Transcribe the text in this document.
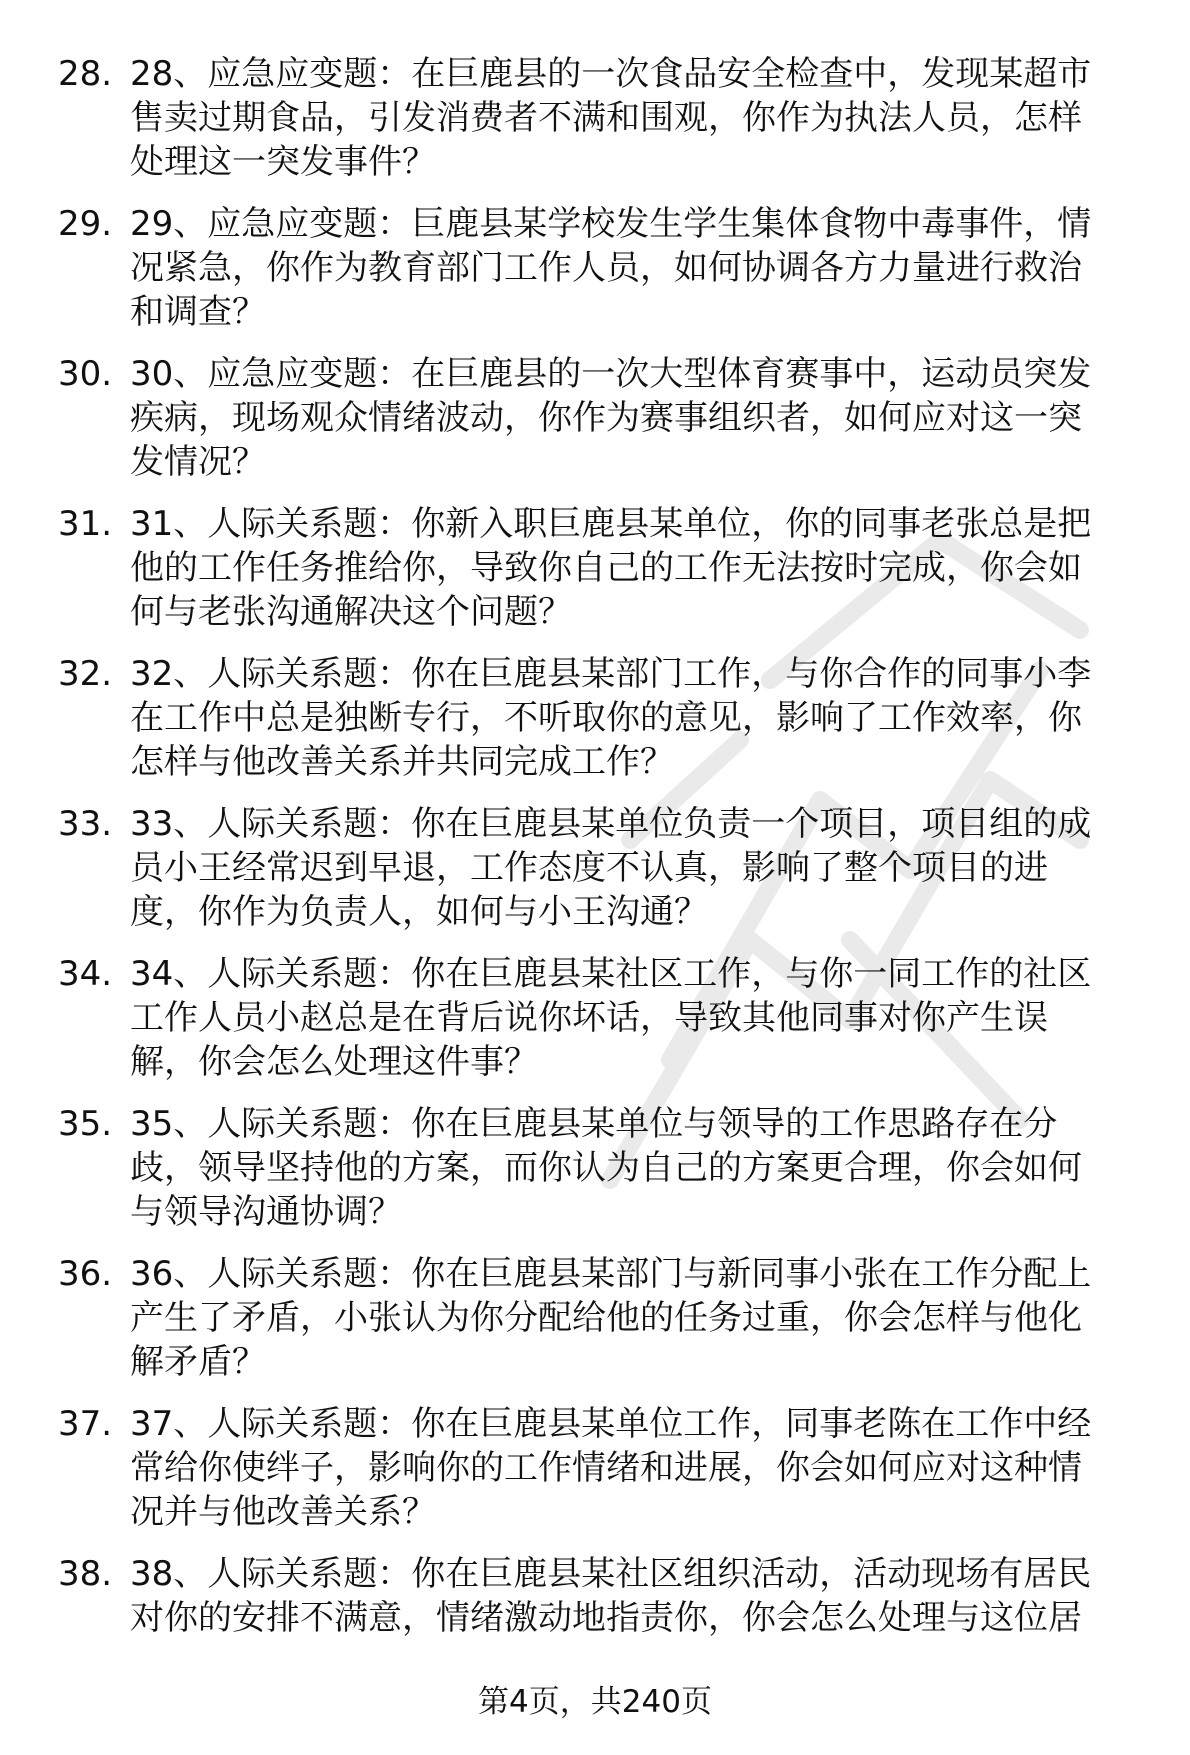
28. 28、应急应变题：在巨鹿县的一次食品安全检查中，发现某超市
售卖过期食品，引发消费者不满和围观，你作为执法人员，怎样
处理这一突发事件？
29. 29、应急应变题：巨鹿县某学校发生学生集体食物中毒事件，情
况紧急，你作为教育部门工作人员，如何协调各方力量进行救治
和调查？
30. 30、应急应变题：在巨鹿县的一次大型体育赛事中，运动员突发
疾病，现场观众情绪波动，你作为赛事组织者，如何应对这一突
发情况？
31. 31、人际关系题：你新入职巨鹿县某单位，你的同事老张总是把
他的工作任务推给你，导致你自己的工作无法按时完成，你会如
何与老张沟通解决这个问题？
32. 32、人际关系题：你在巨鹿县某部门工作，与你合作的同事小李
在工作中总是独断专行，不听取你的意见，影响了工作效率，你
怎样与他改善关系并共同完成工作？
33. 33、人际关系题：你在巨鹿县某单位负责一个项目，项目组的成
员小王经常迟到早退，工作态度不认真，影响了整个项目的进
度，你作为负责人，如何与小王沟通？
34. 34、人际关系题：你在巨鹿县某社区工作，与你一同工作的社区
工作人员小赵总是在背后说你坏话，导致其他同事对你产生误
解，你会怎么处理这件事？
35. 35、人际关系题：你在巨鹿县某单位与领导的工作思路存在分
歧，领导坚持他的方案，而你认为自己的方案更合理，你会如何
与领导沟通协调？
36. 36、人际关系题：你在巨鹿县某部门与新同事小张在工作分配上
产生了矛盾，小张认为你分配给他的任务过重，你会怎样与他化
解矛盾？
37. 37、人际关系题：你在巨鹿县某单位工作，同事老陈在工作中经
常给你使绊子，影响你的工作情绪和进展，你会如何应对这种情
况并与他改善关系？
38. 38、人际关系题：你在巨鹿县某社区组织活动，活动现场有居民
对你的安排不满意，情绪激动地指责你，你会怎么处理与这位居
第4页，共240页
